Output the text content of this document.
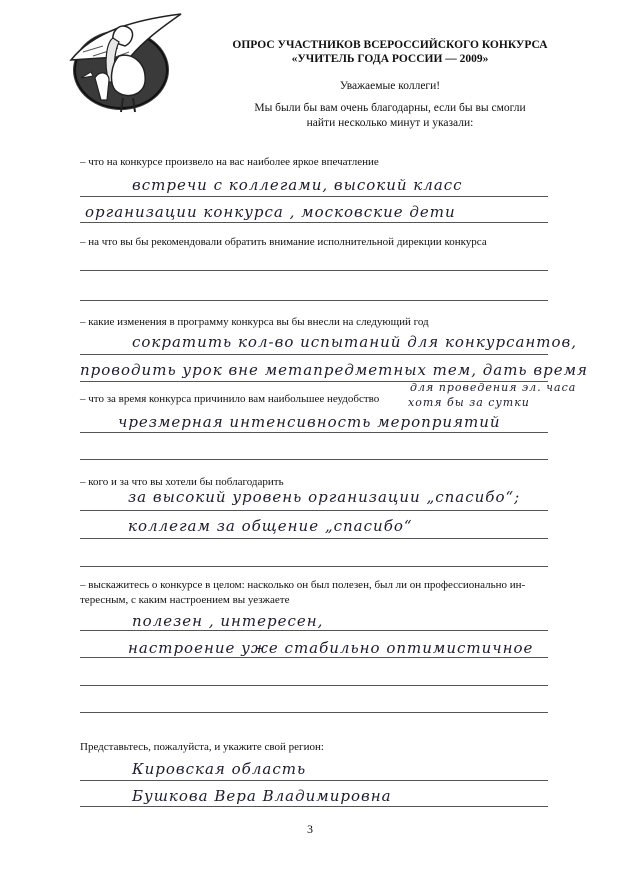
ОПРОС УЧАСТНИКОВ ВСЕРОССИЙСКОГО КОНКУРСА
«УЧИТЕЛЬ ГОДА РОССИИ — 2009»
Уважаемые коллеги!
Мы были бы вам очень благодарны, если бы вы смогли
найти несколько минут и указали:
– что на конкурсе произвело на вас наиболее яркое впечатление
встречи с коллегами, высокий класс
организации конкурса , московские дети
– на что вы бы рекомендовали обратить внимание исполнительной дирекции конкурса
– какие изменения в программу конкурса вы бы внесли на следующий год
сократить кол-во испытаний для конкурсантов,
проводить урок вне метапредметных тем, дать время
для проведения эл. часа
хотя бы за сутки
– что за время конкурса причинило вам наибольшее неудобство
чрезмерная интенсивность мероприятий
– кого и за что вы хотели бы поблагодарить
за высокий уровень организации „спасибо“;
коллегам за общение „спасибо“
– выскажитесь о конкурсе в целом: насколько он был полезен, был ли он профессионально ин-
тересным, с каким настроением вы уезжаете
полезен , интересен,
настроение уже стабильно оптимистичное
Представьтесь, пожалуйста, и укажите свой регион:
Кировская область
Бушкова Вера Владимировна
3
